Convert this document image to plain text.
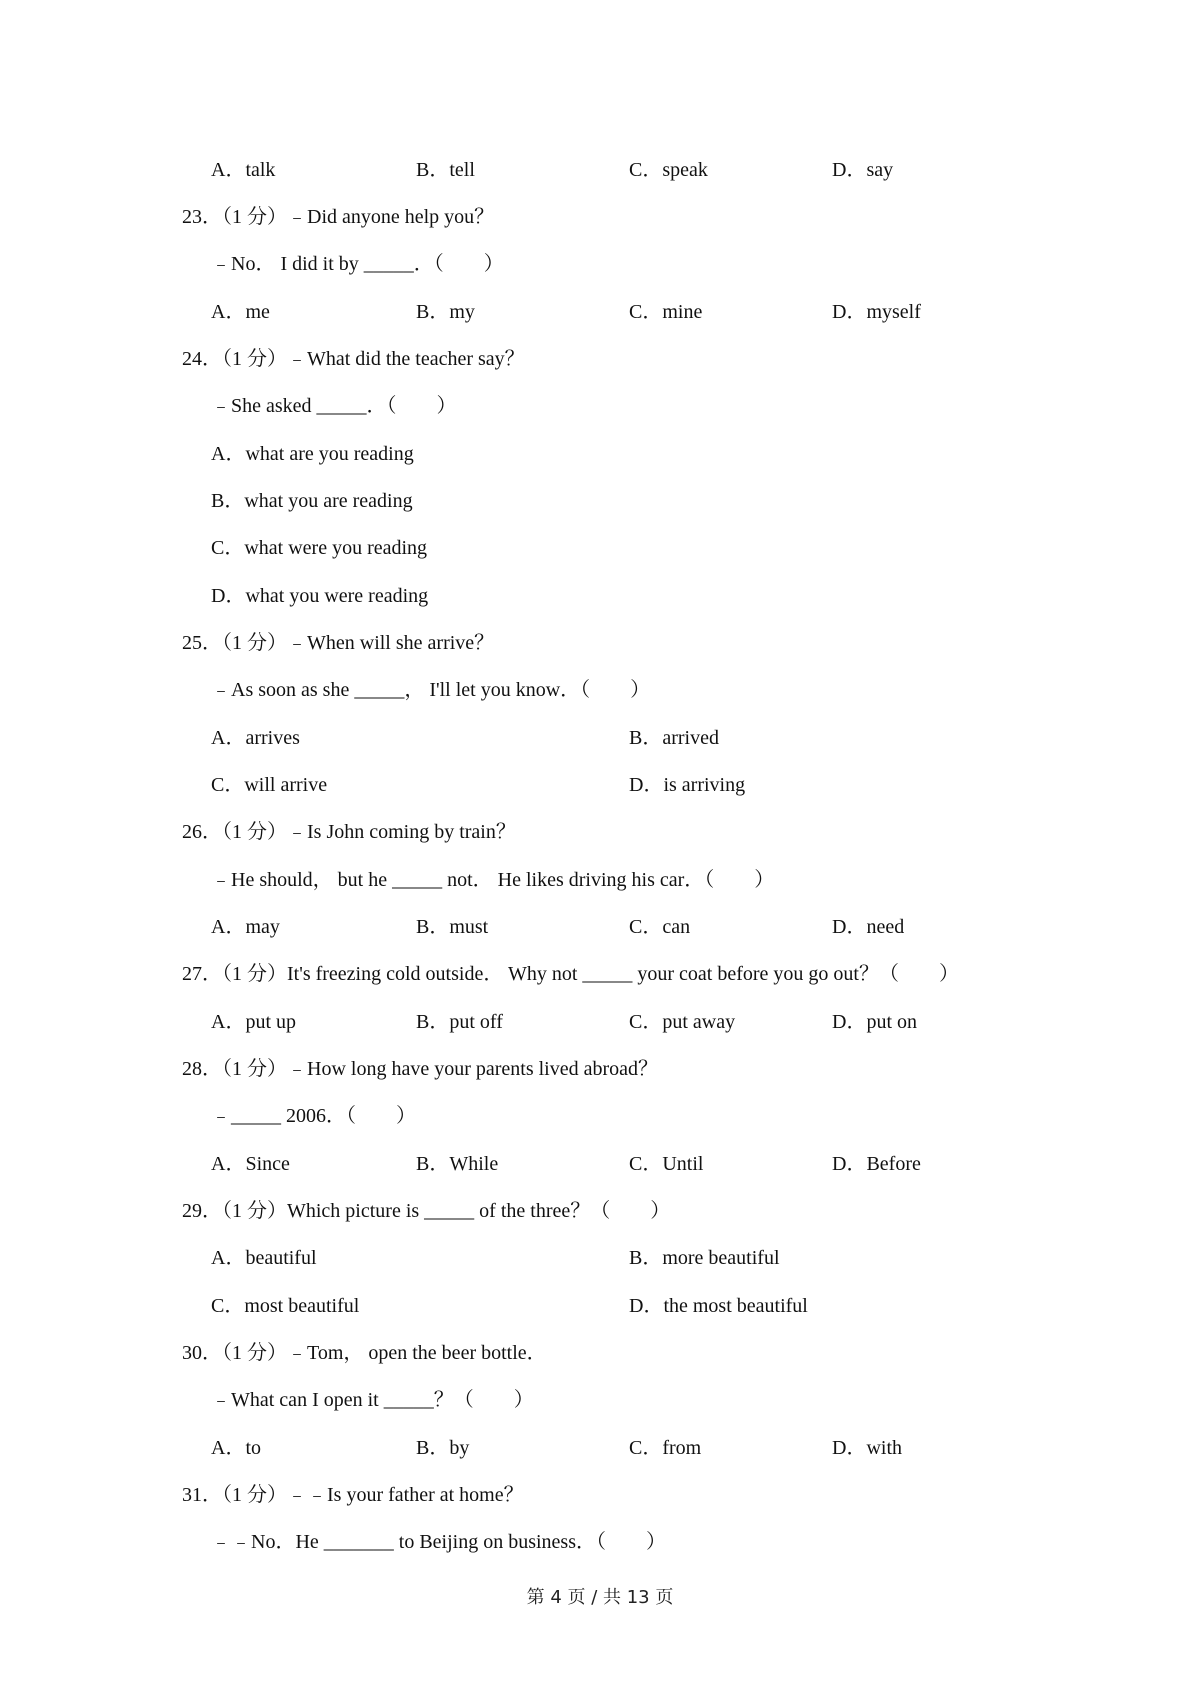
A．talk	B．tell	C．speak	D．say
23．（1 分）﹣Did anyone help you？
﹣No． I did it by _____．（　　）
A．me	B．my	C．mine	D．myself
24．（1 分）﹣What did the teacher say？
﹣She asked _____．（　　）
A．what are you reading
B．what you are reading
C．what were you reading
D．what you were reading
25．（1 分）﹣When will she arrive？
﹣As soon as she _____， I'll let you know．（　　）
A．arrives	B．arrived
C．will arrive	D．is arriving
26．（1 分）﹣Is John coming by train？
﹣He should， but he _____ not． He likes driving his car．（　　）
A．may	B．must	C．can	D．need
27．（1 分）It's freezing cold outside． Why not _____ your coat before you go out？（　　）
A．put up	B．put off	C．put away	D．put on
28．（1 分）﹣How long have your parents lived abroad？
﹣_____ 2006．（　　）
A．Since	B．While	C．Until	D．Before
29．（1 分）Which picture is _____ of the three？（　　）
A．beautiful	B．more beautiful
C．most beautiful	D．the most beautiful
30．（1 分）﹣Tom， open the beer bottle．
﹣What can I open it _____？（　　）
A．to	B．by	C．from	D．with
31．（1 分）﹣﹣Is your father at home？
﹣﹣No．He _______ to Beijing on business．（　　）
第 4 页 / 共 13 页
